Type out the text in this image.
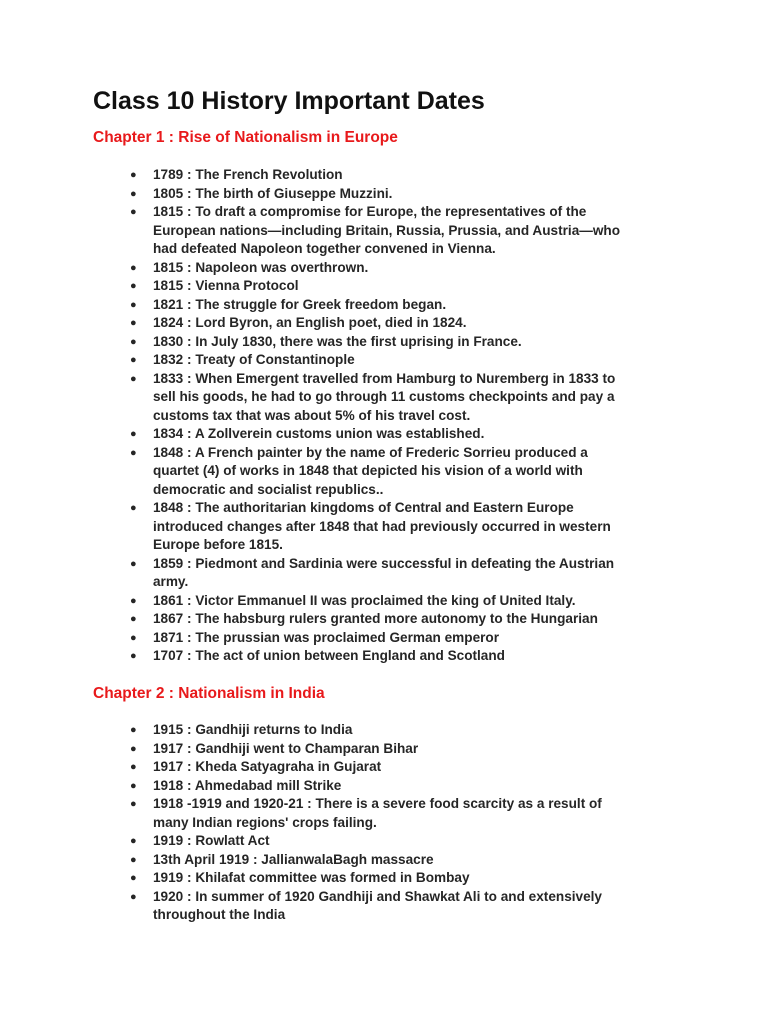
Class 10 History Important Dates
Chapter 1 : Rise of Nationalism in Europe
● 1789 : The French Revolution
● 1805 : The birth of Giuseppe Muzzini.
● 1815 : To draft a compromise for Europe, the representatives of the
European nations—including Britain, Russia, Prussia, and Austria—who
had defeated Napoleon together convened in Vienna.
● 1815 : Napoleon was overthrown.
● 1815 : Vienna Protocol
● 1821 : The struggle for Greek freedom began.
● 1824 : Lord Byron, an English poet, died in 1824.
● 1830 : In July 1830, there was the first uprising in France.
● 1832 : Treaty of Constantinople
● 1833 : When Emergent travelled from Hamburg to Nuremberg in 1833 to
sell his goods, he had to go through 11 customs checkpoints and pay a
customs tax that was about 5% of his travel cost.
● 1834 : A Zollverein customs union was established.
● 1848 : A French painter by the name of Frederic Sorrieu produced a
quartet (4) of works in 1848 that depicted his vision of a world with
democratic and socialist republics..
● 1848 : The authoritarian kingdoms of Central and Eastern Europe
introduced changes after 1848 that had previously occurred in western
Europe before 1815.
● 1859 : Piedmont and Sardinia were successful in defeating the Austrian
army.
● 1861 : Victor Emmanuel II was proclaimed the king of United Italy.
● 1867 : The habsburg rulers granted more autonomy to the Hungarian
● 1871 : The prussian was proclaimed German emperor
● 1707 : The act of union between England and Scotland
Chapter 2 : Nationalism in India
● 1915 : Gandhiji returns to India
● 1917 : Gandhiji went to Champaran Bihar
● 1917 : Kheda Satyagraha in Gujarat
● 1918 : Ahmedabad mill Strike
● 1918 -1919 and 1920-21 : There is a severe food scarcity as a result of
many Indian regions' crops failing.
● 1919 : Rowlatt Act
● 13th April 1919 : JallianwalaBagh massacre
● 1919 : Khilafat committee was formed in Bombay
● 1920 : In summer of 1920 Gandhiji and Shawkat Ali to and extensively
throughout the India
